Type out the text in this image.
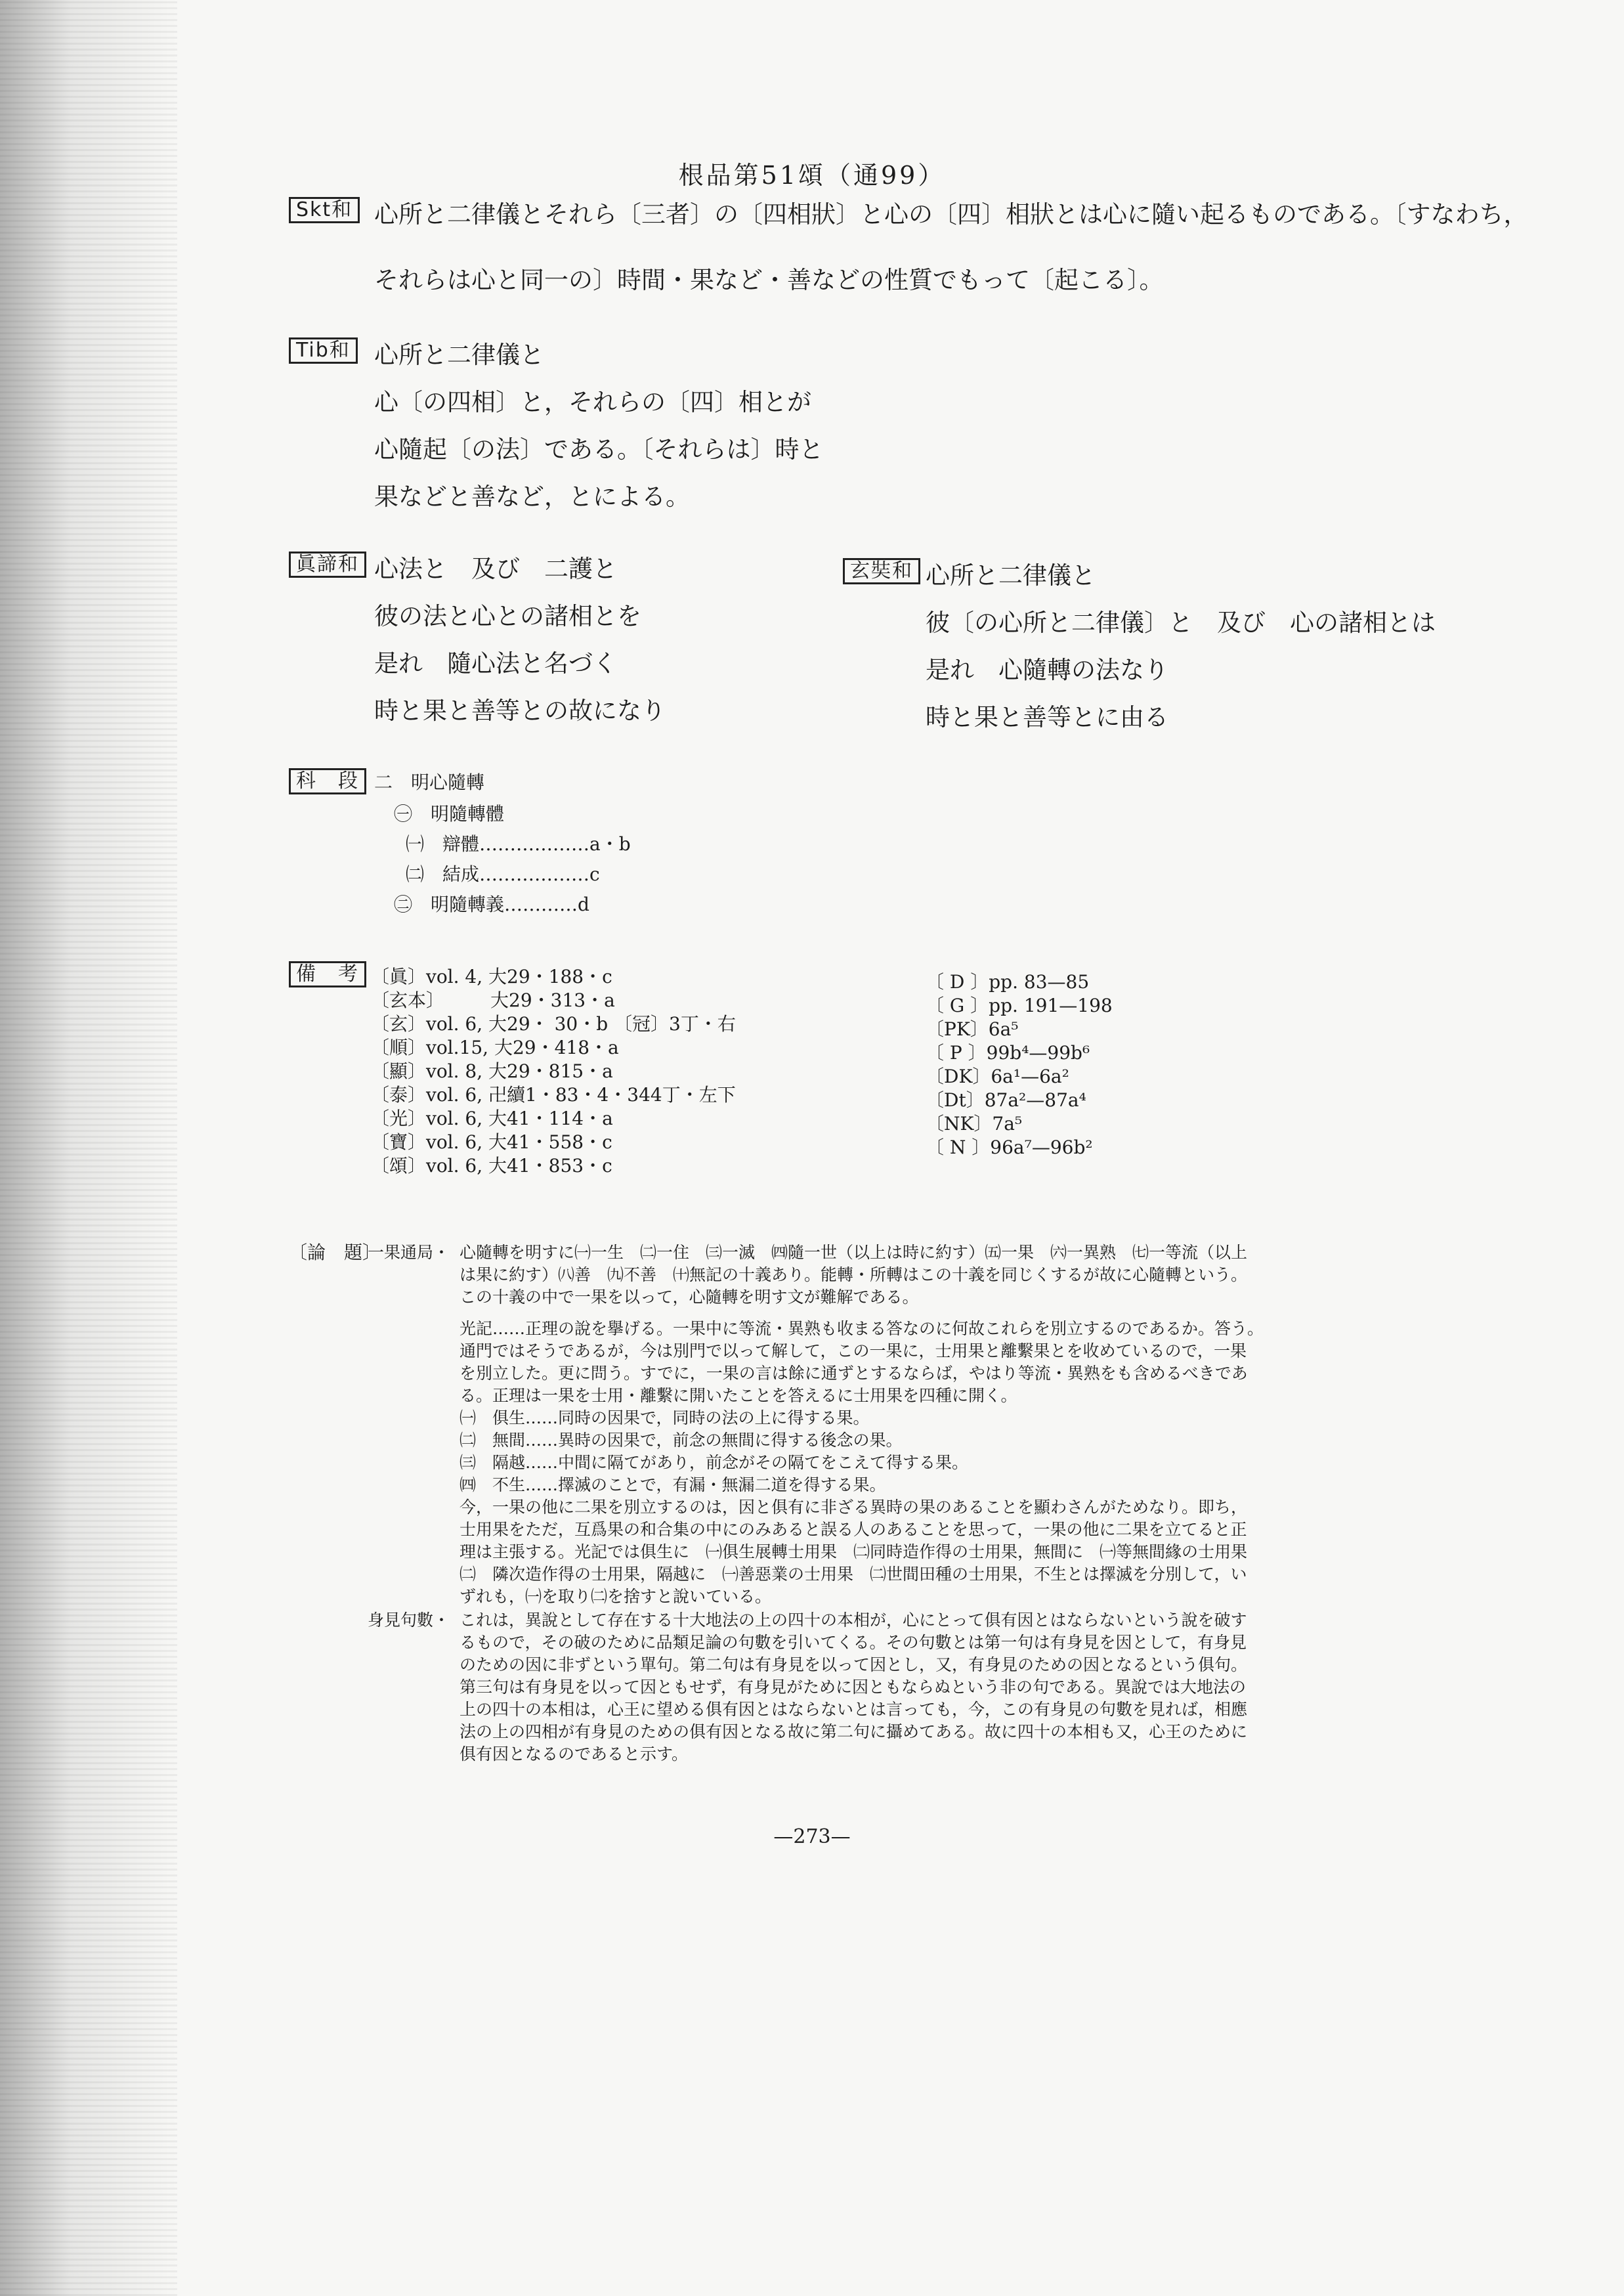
根品第51頌（通99）
Skt和 心所と二律儀とそれら〔三者〕の〔四相狀〕と心の〔四〕相狀とは心に隨い起るものである。〔すなわち，
それらは心と同一の〕時間・果など・善などの性質でもって〔起こる〕。
Tib和 心所と二律儀と
心〔の四相〕と，それらの〔四〕相とが
心隨起〔の法〕である。〔それらは〕時と
果などと善など，とによる。
眞諦和 心法と　及び　二護と
彼の法と心との諸相とを
是れ　隨心法と名づく
時と果と善等との故になり
玄奘和 心所と二律儀と
彼〔の心所と二律儀〕と　及び　心の諸相とは
是れ　心隨轉の法なり
時と果と善等とに由る
科　段 二　明心隨轉
㊀　明隨轉體
㈠　辯體………………a・b
㈡　結成………………c
㊁　明隨轉義…………d
備　考 〔眞〕vol. 4, 大29・188・c
〔玄本〕　　　大29・313・a
〔玄〕vol. 6, 大29・ 30・b 〔冠〕3丁・右
〔順〕vol.15, 大29・418・a
〔顯〕vol. 8, 大29・815・a
〔泰〕vol. 6, 卍續1・83・4・344丁・左下
〔光〕vol. 6, 大41・114・a
〔寶〕vol. 6, 大41・558・c
〔頌〕vol. 6, 大41・853・c
〔 D 〕pp. 83—85
〔 G 〕pp. 191—198
〔PK〕6a⁵
〔 P 〕99b⁴—99b⁶
〔DK〕6a¹—6a²
〔Dt〕87a²—87a⁴
〔NK〕7a⁵
〔 N 〕96a⁷—96b²
〔論　題〕
一果通局・ 心隨轉を明すに㈠一生　㈡一住　㈢一滅　㈣隨一世（以上は時に約す）㈤一果　㈥一異熟　㈦一等流（以上
は果に約す）㈧善　㈨不善　㈩無記の十義あり。能轉・所轉はこの十義を同じくするが故に心隨轉という。
この十義の中で一果を以って，心隨轉を明す文が難解である。
光記……正理の說を擧げる。一果中に等流・異熟も收まる答なのに何故これらを別立するのであるか。答う。
通門ではそうであるが，今は別門で以って解して，この一果に，士用果と離繫果とを收めているので，一果
を別立した。更に問う。すでに，一果の言は餘に通ずとするならば，やはり等流・異熟をも含めるべきであ
る。正理は一果を士用・離繫に開いたことを答えるに士用果を四種に開く。
㈠　俱生……同時の因果で，同時の法の上に得する果。
㈡　無間……異時の因果で，前念の無間に得する後念の果。
㈢　隔越……中間に隔てがあり，前念がその隔てをこえて得する果。
㈣　不生……擇滅のことで，有漏・無漏二道を得する果。
今，一果の他に二果を別立するのは，因と俱有に非ざる異時の果のあることを顯わさんがためなり。即ち，
士用果をただ，互爲果の和合集の中にのみあると誤る人のあることを思って，一果の他に二果を立てると正
理は主張する。光記では俱生に　㈠俱生展轉士用果　㈡同時造作得の士用果，無間に　㈠等無間緣の士用果
㈡　隣次造作得の士用果，隔越に　㈠善惡業の士用果　㈡世間田種の士用果，不生とは擇滅を分別して，い
ずれも，㈠を取り㈡を捨すと說いている。
身見句數・ これは，異說として存在する十大地法の上の四十の本相が，心にとって俱有因とはならないという說を破す
るもので，その破のために品類足論の句數を引いてくる。その句數とは第一句は有身見を因として，有身見
のための因に非ずという單句。第二句は有身見を以って因とし，又，有身見のための因となるという俱句。
第三句は有身見を以って因ともせず，有身見がために因ともならぬという非の句である。異說では大地法の
上の四十の本相は，心王に望める俱有因とはならないとは言っても，今，この有身見の句數を見れば，相應
法の上の四相が有身見のための俱有因となる故に第二句に攝めてある。故に四十の本相も又，心王のために
俱有因となるのであると示す。
—273—
